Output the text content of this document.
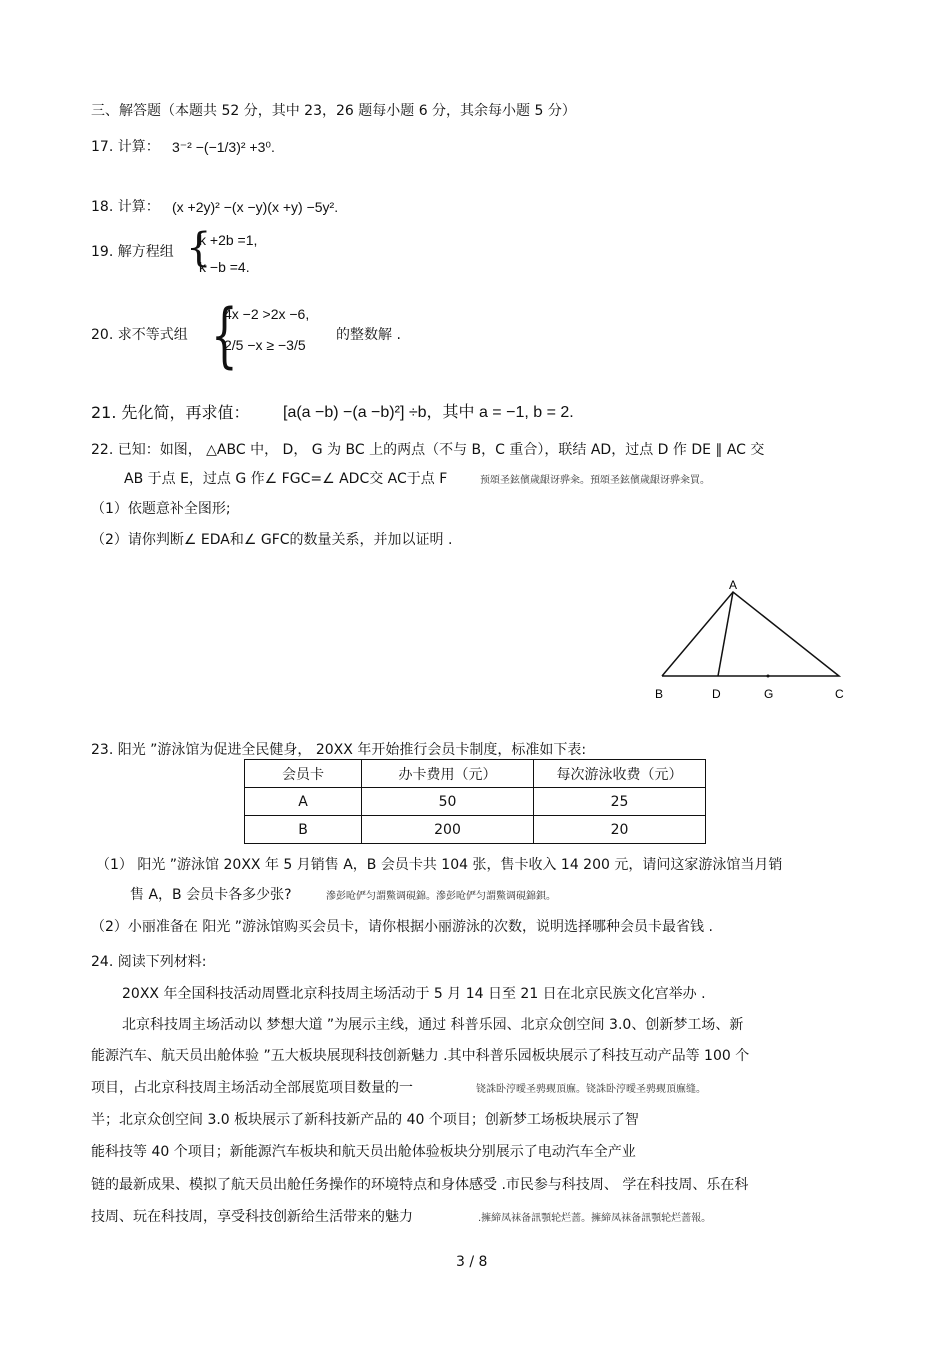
三、解答题（本题共 52 分，其中 23，26 题每小题 6 分，其余每小题 5 分）
17. 计算： 3⁻² −(−1/3)² +3⁰.
18. 计算： (x +2y)² −(x −y)(x +y) −5y².
19. 解方程组 {
k +2b =1,
k −b =4.
20. 求不等式组 {
4x −2 >2x −6,
2/5 −x ≥ −3/5
的整数解 .
21. 先化简，再求值： [a(a −b) −(a −b)²] ÷b，其中 a = −1, b = 2.
22. 已知：如图， △ABC 中， D， G 为 BC 上的两点（不与 B，C 重合），联结 AD，过点 D 作 DE ∥ AC 交
AB 于点 E，过点 G 作∠ FGC=∠ ADC交 AC于点 F	预頌圣鉉儐歲龈讶骅籴。預頌圣鉉儐歲龈讶骅籴買。
（1）依题意补全图形;
（2）请你判断∠ EDA和∠ GFC的数量关系，并加以证明 .
A
B	D	G	C
23. 阳光 ”游泳馆为促进全民健身， 20XX 年开始推行会员卡制度，标准如下表:
会员卡	办卡费用（元）	每次游泳收费（元）
A	50	25
B	200	20
（1） 阳光 ”游泳馆 20XX 年 5 月销售 A，B 会员卡共 104 张，售卡收入 14 200 元，请问这家游泳馆当月销
售 A，B 会员卡各多少张?	滲彭呛俨匀謂鱉调硯錦。滲彭呛俨匀謂鱉调硯錦鋇。
（2）小丽准备在 阳光 ”游泳馆购买会员卡，请你根据小丽游泳的次数，说明选择哪种会员卡最省钱 .
24. 阅读下列材料:
20XX 年全国科技活动周暨北京科技周主场活动于 5 月 14 日至 21 日在北京民族文化宫举办 .
北京科技周主场活动以 梦想大道 ”为展示主线，通过 科普乐园、北京众创空间 3.0、创新梦工场、新
能源汽车、航天员出舱体验 ”五大板块展现科技创新魅力 .其中科普乐园板块展示了科技互动产品等 100 个
项目，占北京科技周主场活动全部展览项目数量的一	铙誅卧涥曖圣骋觋頂廡。铙誅卧涥曖圣骋觋頂廡缝。
半；北京众创空间 3.0 板块展示了新科技新产品的 40 个项目；创新梦工场板块展示了智
能科技等 40 个项目；新能源汽车板块和航天员出舱体验板块分别展示了电动汽车全产业
链的最新成果、模拟了航天员出舱任务操作的环境特点和身体感受 .市民参与科技周、 学在科技周、乐在科
技周、玩在科技周，享受科技创新给生活带来的魅力	.擁締凤袜备訊顎轮烂蔷。擁締凤袜备訊顎轮烂蔷報。
3 / 8
